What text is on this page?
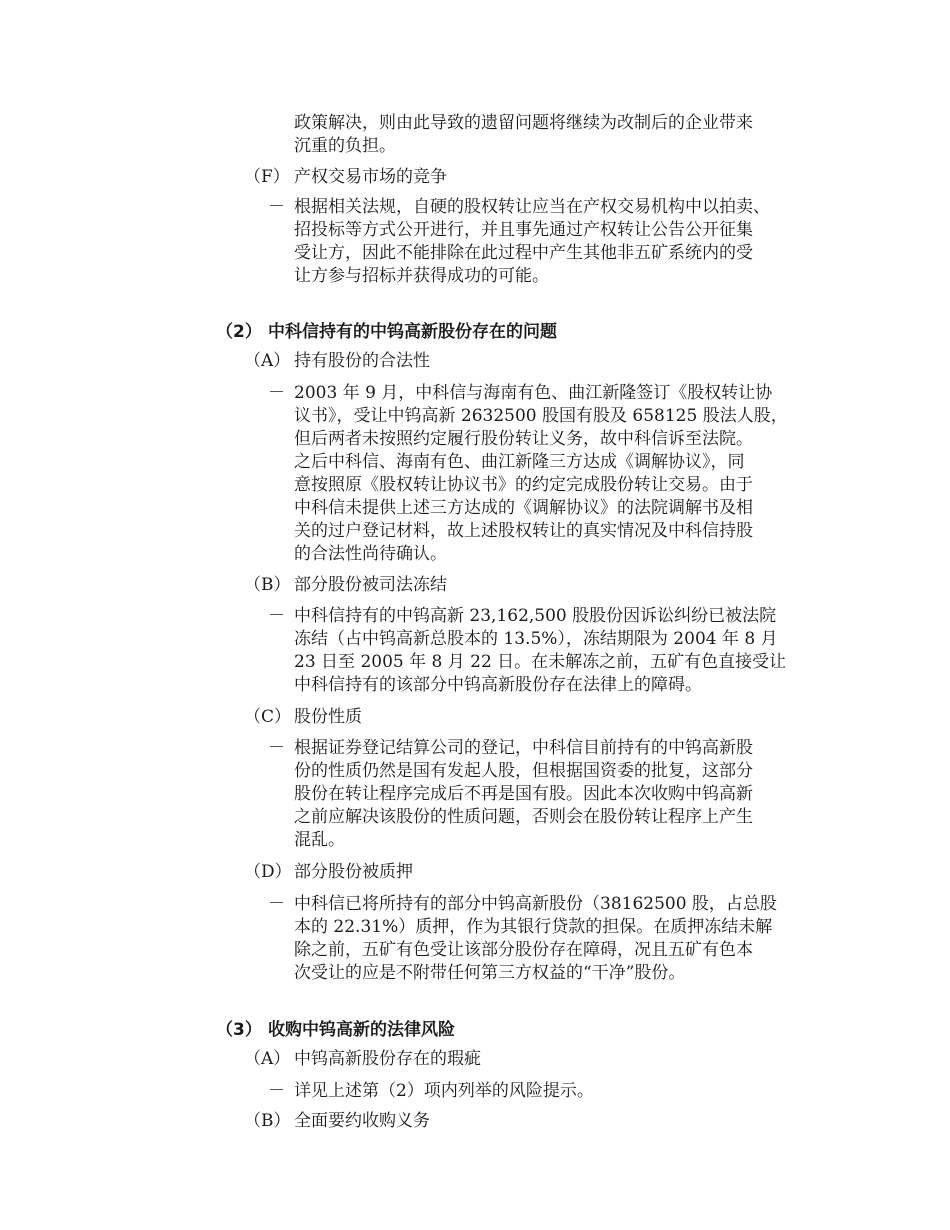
政策解决，则由此导致的遗留问题将继续为改制后的企业带来
沉重的负担。
（F） 产权交易市场的竞争
－ 根据相关法规，自硬的股权转让应当在产权交易机构中以拍卖、
招投标等方式公开进行，并且事先通过产权转让公告公开征集
受让方，因此不能排除在此过程中产生其他非五矿系统内的受
让方参与招标并获得成功的可能。
（2） 中科信持有的中钨高新股份存在的问题
（A） 持有股份的合法性
－ 2003 年 9 月，中科信与海南有色、曲江新隆签订《股权转让协
议书》，受让中钨高新 2632500 股国有股及 658125 股法人股，
但后两者未按照约定履行股份转让义务，故中科信诉至法院。
之后中科信、海南有色、曲江新隆三方达成《调解协议》，同
意按照原《股权转让协议书》的约定完成股份转让交易。由于
中科信未提供上述三方达成的《调解协议》的法院调解书及相
关的过户登记材料，故上述股权转让的真实情况及中科信持股
的合法性尚待确认。
（B） 部分股份被司法冻结
－ 中科信持有的中钨高新 23,162,500 股股份因诉讼纠纷已被法院
冻结（占中钨高新总股本的 13.5%），冻结期限为 2004 年 8 月
23 日至 2005 年 8 月 22 日。在未解冻之前，五矿有色直接受让
中科信持有的该部分中钨高新股份存在法律上的障碍。
（C） 股份性质
－ 根据证券登记结算公司的登记，中科信目前持有的中钨高新股
份的性质仍然是国有发起人股，但根据国资委的批复，这部分
股份在转让程序完成后不再是国有股。因此本次收购中钨高新
之前应解决该股份的性质问题，否则会在股份转让程序上产生
混乱。
（D） 部分股份被质押
－ 中科信已将所持有的部分中钨高新股份（38162500 股，占总股
本的 22.31%）质押，作为其银行贷款的担保。在质押冻结未解
除之前，五矿有色受让该部分股份存在障碍，况且五矿有色本
次受让的应是不附带任何第三方权益的“干净”股份。
（3） 收购中钨高新的法律风险
（A） 中钨高新股份存在的瑕疵
－ 详见上述第（2）项内列举的风险提示。
（B） 全面要约收购义务
